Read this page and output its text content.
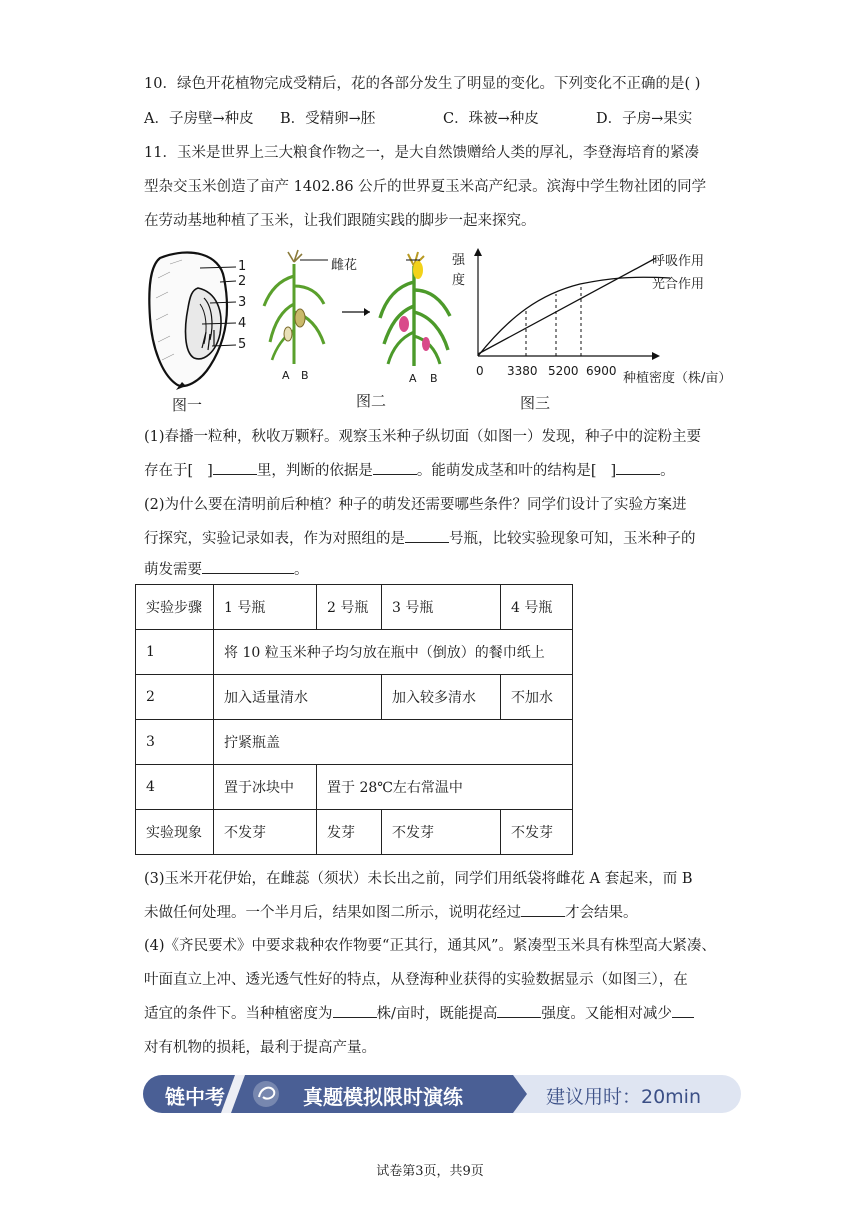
10．绿色开花植物完成受精后，花的各部分发生了明显的变化。下列变化不正确的是( )
A．子房壁→种皮 B．受精卵→胚	C．珠被→种皮	D．子房→果实
11．玉米是世界上三大粮食作物之一，是大自然馈赠给人类的厚礼，李登海培育的紧凑
型杂交玉米创造了亩产 1402.86 公斤的世界夏玉米高产纪录。滨海中学生物社团的同学
在劳动基地种植了玉米，让我们跟随实践的脚步一起来探究。
1
2
3
4
5
图一
雌花
A B	A B
图二
强
度
呼吸作用
光合作用
0 3380 5200 6900 种植密度（株/亩）
图三
(1)春播一粒种，秋收万颗籽。观察玉米种子纵切面（如图一）发现，种子中的淀粉主要
存在于[ ]	里，判断的依据是	。能萌发成茎和叶的结构是[ ]	。
(2)为什么要在清明前后种植？种子的萌发还需要哪些条件？同学们设计了实验方案进
行探究，实验记录如表，作为对照组的是	号瓶，比较实验现象可知，玉米种子的
萌发需要	。
实验步骤	1 号瓶	2 号瓶	3 号瓶	4 号瓶
1	将 10 粒玉米种子均匀放在瓶中（倒放）的餐巾纸上			
2	加入适量清水		加入较多清水	不加水
3	拧紧瓶盖			
4	置于冰块中	置于 28℃左右常温中		
实验现象	不发芽	发芽	不发芽	不发芽
(3)玉米开花伊始，在雌蕊（须状）未长出之前，同学们用纸袋将雌花 A 套起来，而 B
未做任何处理。一个半月后，结果如图二所示，说明花经过	才会结果。
(4)《齐民要术》中要求栽种农作物要“正其行，通其风”。紧凑型玉米具有株型高大紧凑、
叶面直立上冲、透光透气性好的特点，从登海种业获得的实验数据显示（如图三），在
适宜的条件下。当种植密度为	株/亩时，既能提高	强度。又能相对减少
对有机物的损耗，最利于提高产量。
链中考	真题模拟限时演练	建议用时：20min
试卷第3页，共9页
